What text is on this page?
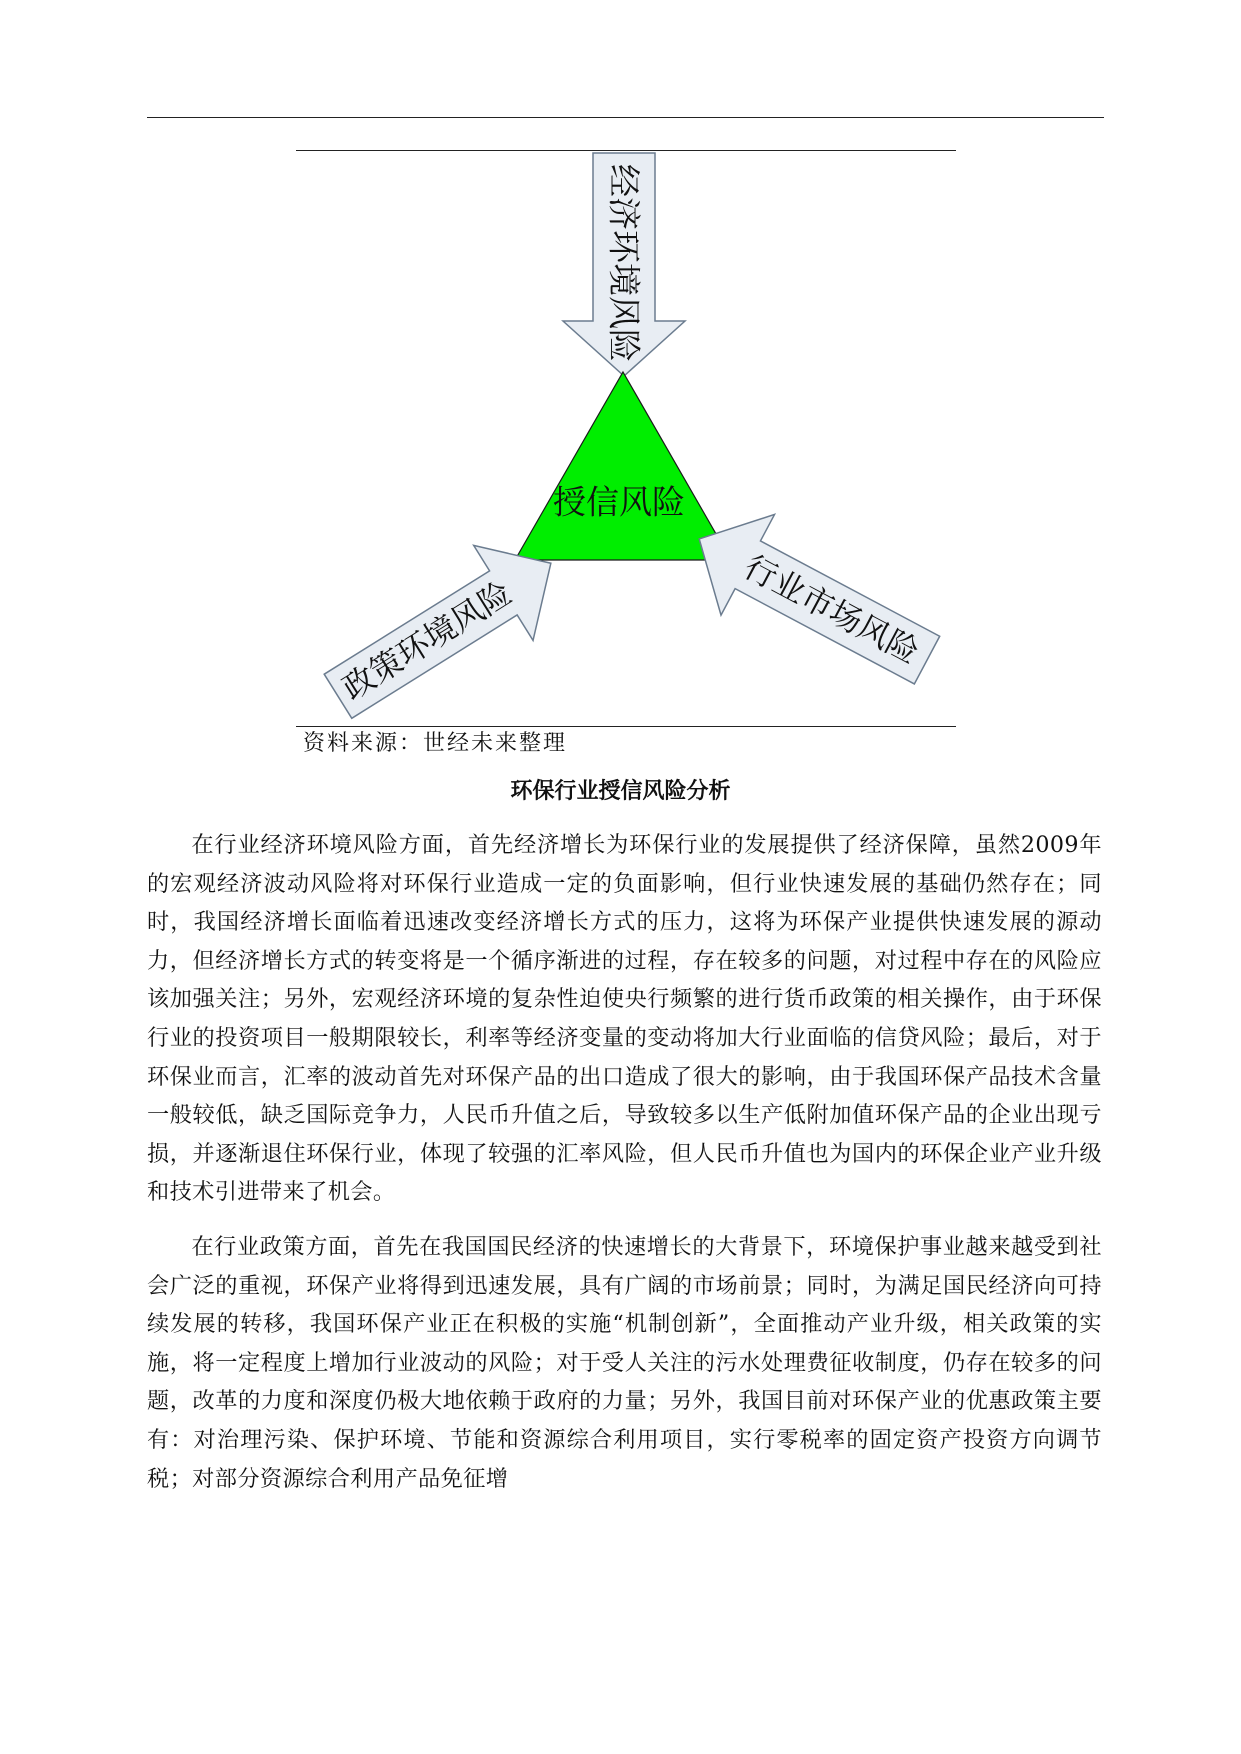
经济环境风险
授信风险
政策环境风险	行业市场风险
资料来源：世经未来整理
环保行业授信风险分析

在行业经济环境风险方面，首先经济增长为环保行业的发展提供了经济保障，虽然2009年的宏观经济波动风险将对环保行业造成一定的负面影响，但行业快速发展的基础仍然存在；同时，我国经济增长面临着迅速改变经济增长方式的压力，这将为环保产业提供快速发展的源动力，但经济增长方式的转变将是一个循序渐进的过程，存在较多的问题，对过程中存在的风险应该加强关注；另外，宏观经济环境的复杂性迫使央行频繁的进行货币政策的相关操作，由于环保行业的投资项目一般期限较长，利率等经济变量的变动将加大行业面临的信贷风险；最后，对于环保业而言，汇率的波动首先对环保产品的出口造成了很大的影响，由于我国环保产品技术含量一般较低，缺乏国际竞争力，人民币升值之后，导致较多以生产低附加值环保产品的企业出现亏损，并逐渐退住环保行业，体现了较强的汇率风险，但人民币升值也为国内的环保企业产业升级和技术引进带来了机会。

在行业政策方面，首先在我国国民经济的快速增长的大背景下，环境保护事业越来越受到社会广泛的重视，环保产业将得到迅速发展，具有广阔的市场前景；同时，为满足国民经济向可持续发展的转移，我国环保产业正在积极的实施“机制创新”，全面推动产业升级，相关政策的实施，将一定程度上增加行业波动的风险；对于受人关注的污水处理费征收制度，仍存在较多的问题，改革的力度和深度仍极大地依赖于政府的力量；另外，我国目前对环保产业的优惠政策主要有：对治理污染、保护环境、节能和资源综合利用项目，实行零税率的固定资产投资方向调节税；对部分资源综合利用产品免征增
